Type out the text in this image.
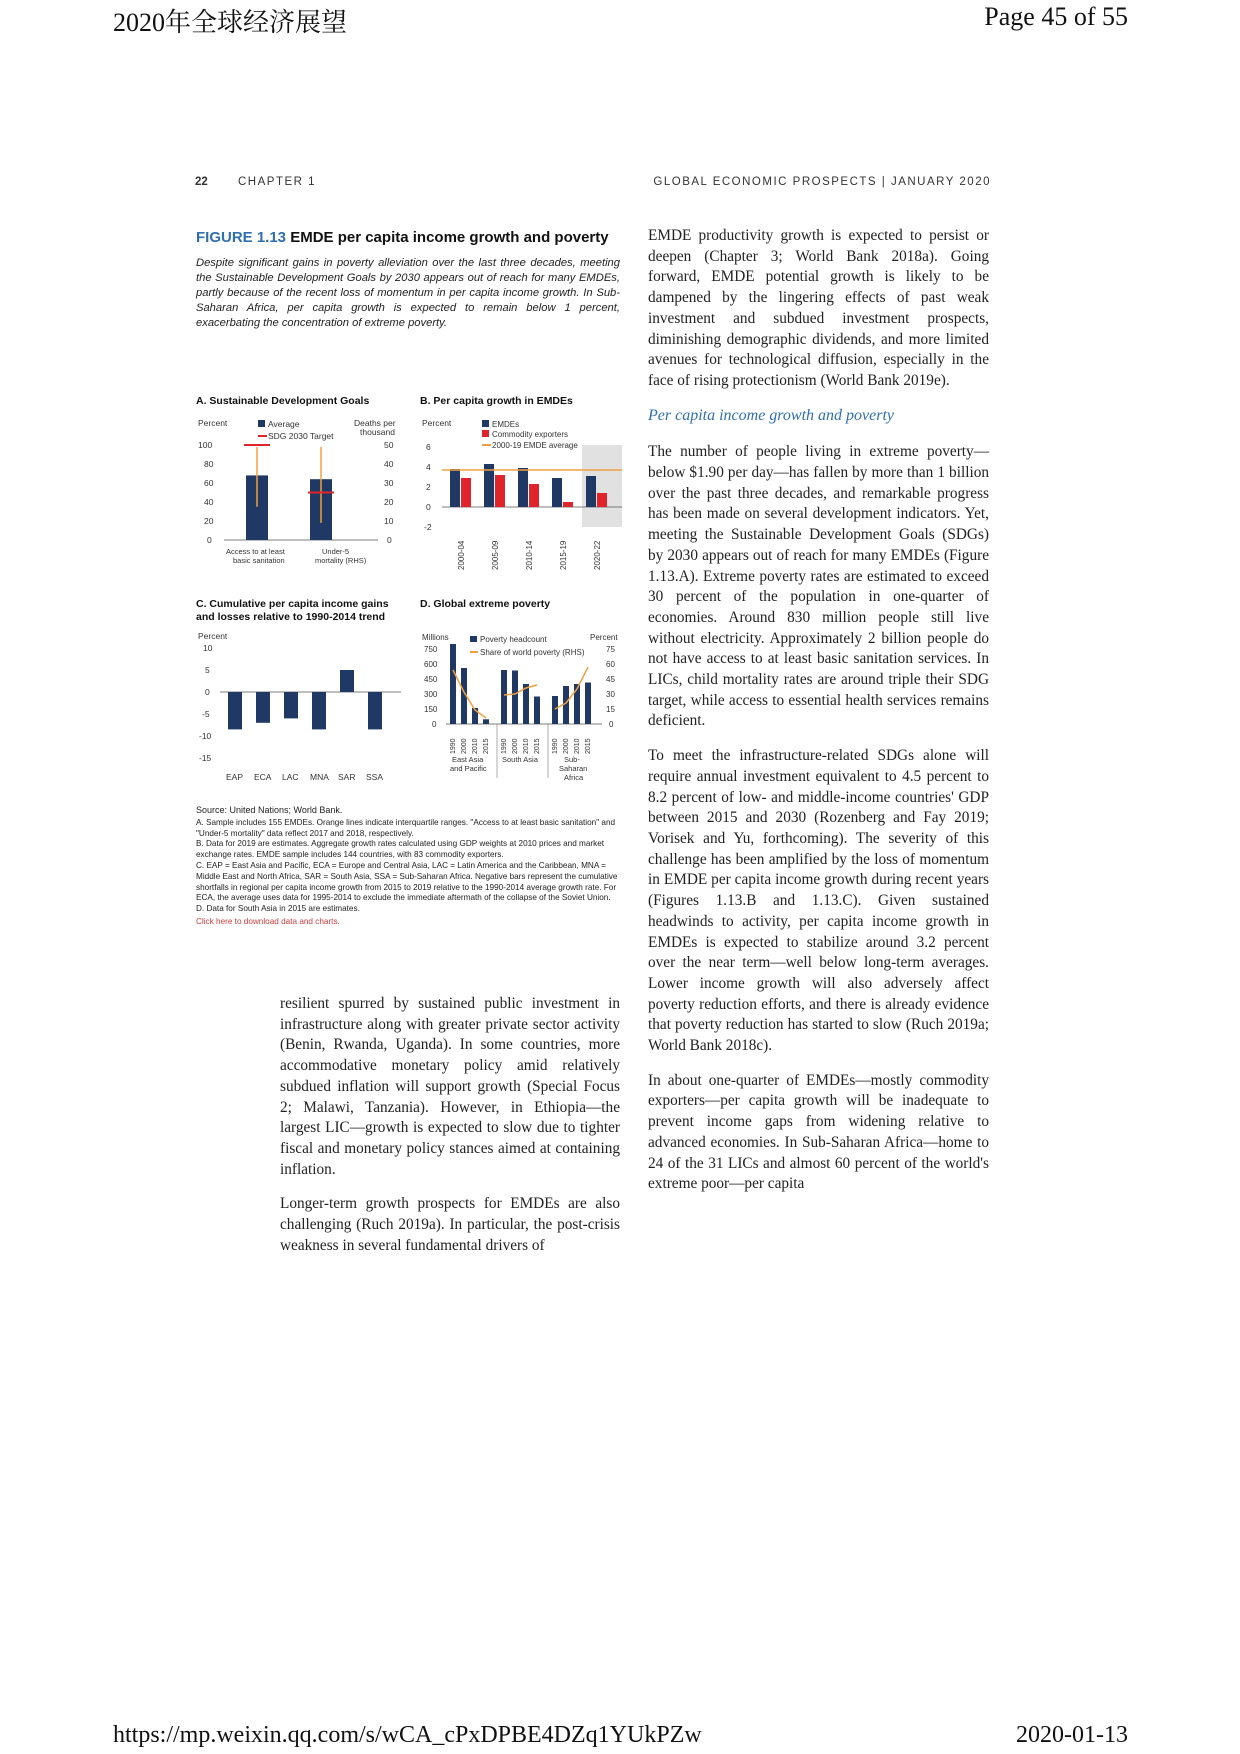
2020年全球经济展望	Page 45 of 55
22	CHAPTER 1	GLOBAL ECONOMIC PROSPECTS | JANUARY 2020
FIGURE 1.13 EMDE per capita income growth and poverty
Despite significant gains in poverty alleviation over the last three decades, meeting the Sustainable Development Goals by 2030 appears out of reach for many EMDEs, partly because of the recent loss of momentum in per capita income growth. In Sub-Saharan Africa, per capita growth is expected to remain below 1 percent, exacerbating the concentration of extreme poverty.
A. Sustainable Development Goals	B. Per capita growth in EMDEs
C. Cumulative per capita income gains and losses relative to 1990-2014 trend
D. Global extreme poverty
Percent	Deaths per thousand
Average
SDG 2030 Target
100
80
60
40
20
0
50
40
30
20
10
0
Access to at least
basic sanitation
Under-5
mortality (RHS)
Percent	EMDEs
Commodity exporters
2000-19 EMDE average
6
4
2
0
-2
2000-04	2005-09	2010-14	2015-19	2020-22
Percent
10
5
0
-5
-10
-15
EAP ECA LAC MNA SAR SSA
Millions	Percent
Poverty headcount
Share of world poverty (RHS)
750
600
450
300
150
0
75
60
45
30
15
0
1990 2000 2010 2015 1990 2000 2010 2015 1990 2000 2010 2015
East Asia
and Pacific
South Asia	Sub-
Saharan
Africa

Source: United Nations; World Bank.

A. Sample includes 155 EMDEs. Orange lines indicate interquartile ranges. "Access to at least basic sanitation" and "Under-5 mortality" data reflect 2017 and 2018, respectively.

B. Data for 2019 are estimates. Aggregate growth rates calculated using GDP weights at 2010 prices and market exchange rates. EMDE sample includes 144 countries, with 83 commodity exporters.

C. EAP = East Asia and Pacific, ECA = Europe and Central Asia, LAC = Latin America and the Caribbean, MNA = Middle East and North Africa, SAR = South Asia, SSA = Sub-Saharan Africa. Negative bars represent the cumulative shortfalls in regional per capita income growth from 2015 to 2019 relative to the 1990-2014 average growth rate. For ECA, the average uses data for 1995-2014 to exclude the immediate aftermath of the collapse of the Soviet Union.

D. Data for South Asia in 2015 are estimates.

Click here to download data and charts.

resilient spurred by sustained public investment in infrastructure along with greater private sector activity (Benin, Rwanda, Uganda). In some countries, more accommodative monetary policy amid relatively subdued inflation will support growth (Special Focus 2; Malawi, Tanzania). However, in Ethiopia—the largest LIC—growth is expected to slow due to tighter fiscal and monetary policy stances aimed at containing inflation.

Longer-term growth prospects for EMDEs are also challenging (Ruch 2019a). In particular, the post-crisis weakness in several fundamental drivers of

EMDE productivity growth is expected to persist or deepen (Chapter 3; World Bank 2018a). Going forward, EMDE potential growth is likely to be dampened by the lingering effects of past weak investment and subdued investment prospects, diminishing demographic dividends, and more limited avenues for technological diffusion, especially in the face of rising protectionism (World Bank 2019e).

Per capita income growth and poverty

The number of people living in extreme poverty—below $1.90 per day—has fallen by more than 1 billion over the past three decades, and remarkable progress has been made on several development indicators. Yet, meeting the Sustainable Development Goals (SDGs) by 2030 appears out of reach for many EMDEs (Figure 1.13.A). Extreme poverty rates are estimated to exceed 30 percent of the population in one-quarter of economies. Around 830 million people still live without electricity. Approximately 2 billion people do not have access to at least basic sanitation services. In LICs, child mortality rates are around triple their SDG target, while access to essential health services remains deficient.

To meet the infrastructure-related SDGs alone will require annual investment equivalent to 4.5 percent to 8.2 percent of low- and middle-income countries' GDP between 2015 and 2030 (Rozenberg and Fay 2019; Vorisek and Yu, forthcoming). The severity of this challenge has been amplified by the loss of momentum in EMDE per capita income growth during recent years (Figures 1.13.B and 1.13.C). Given sustained headwinds to activity, per capita income growth in EMDEs is expected to stabilize around 3.2 percent over the near term—well below long-term averages. Lower income growth will also adversely affect poverty reduction efforts, and there is already evidence that poverty reduction has started to slow (Ruch 2019a; World Bank 2018c).

In about one-quarter of EMDEs—mostly commodity exporters—per capita growth will be inadequate to prevent income gaps from widening relative to advanced economies. In Sub-Saharan Africa—home to 24 of the 31 LICs and almost 60 percent of the world's extreme poor—per capita

https://mp.weixin.qq.com/s/wCA_cPxDPBE4DZq1YUkPZw	2020-01-13
